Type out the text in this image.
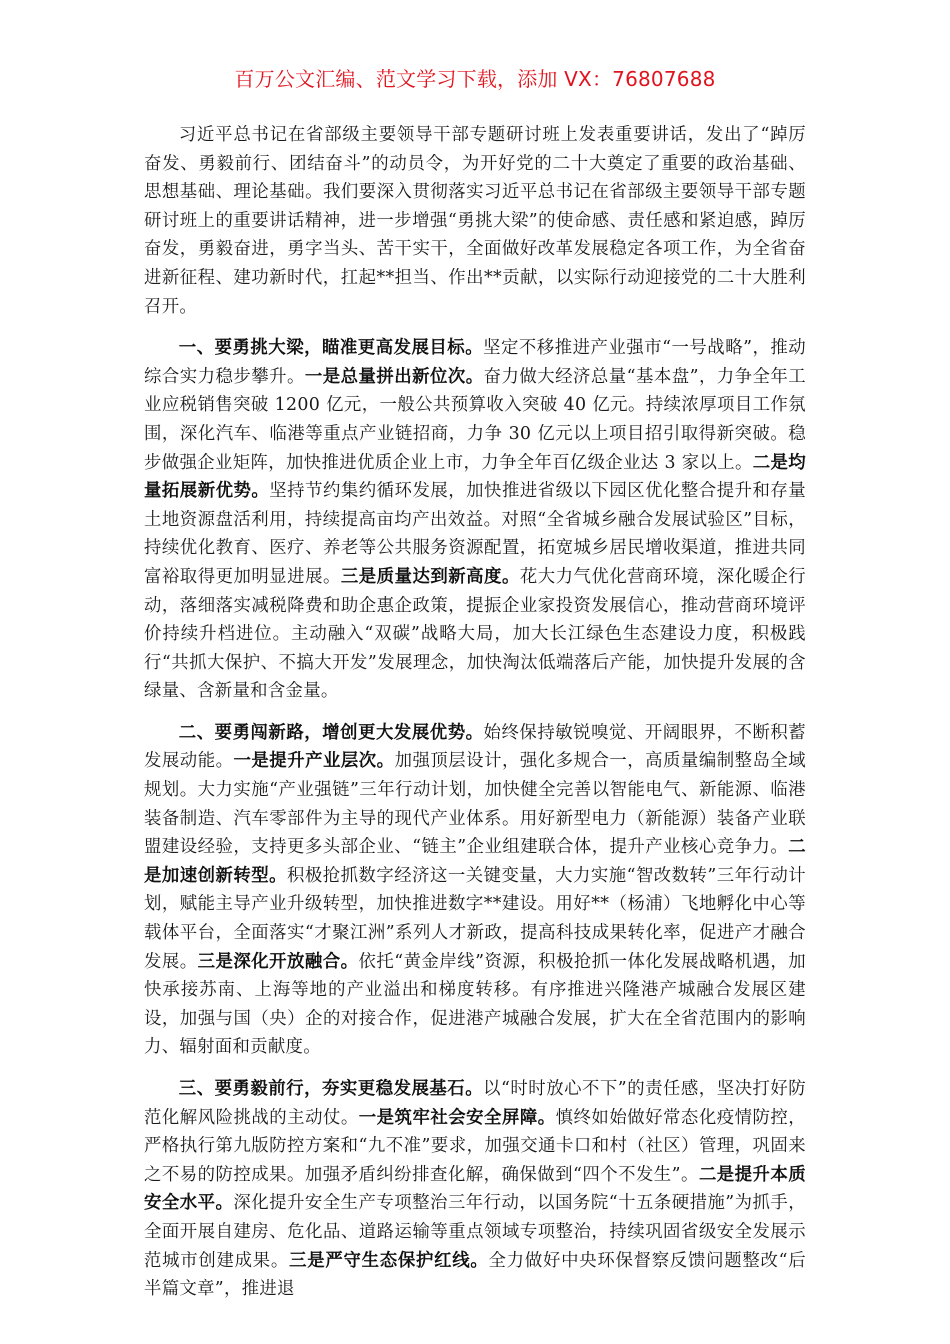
百万公文汇编、范文学习下载，添加 VX：76807688

习近平总书记在省部级主要领导干部专题研讨班上发表重要讲话，发出了“踔厉奋发、勇毅前行、团结奋斗”的动员令，为开好党的二十大奠定了重要的政治基础、思想基础、理论基础。我们要深入贯彻落实习近平总书记在省部级主要领导干部专题研讨班上的重要讲话精神，进一步增强“勇挑大梁”的使命感、责任感和紧迫感，踔厉奋发，勇毅奋进，勇字当头、苦干实干，全面做好改革发展稳定各项工作，为全省奋进新征程、建功新时代，扛起**担当、作出**贡献，以实际行动迎接党的二十大胜利召开。

一、要勇挑大梁，瞄准更高发展目标。坚定不移推进产业强市“一号战略”，推动综合实力稳步攀升。一是总量拼出新位次。奋力做大经济总量“基本盘”，力争全年工业应税销售突破 1200 亿元，一般公共预算收入突破 40 亿元。持续浓厚项目工作氛围，深化汽车、临港等重点产业链招商，力争 30 亿元以上项目招引取得新突破。稳步做强企业矩阵，加快推进优质企业上市，力争全年百亿级企业达 3 家以上。二是均量拓展新优势。坚持节约集约循环发展，加快推进省级以下园区优化整合提升和存量土地资源盘活利用，持续提高亩均产出效益。对照“全省城乡融合发展试验区”目标，持续优化教育、医疗、养老等公共服务资源配置，拓宽城乡居民增收渠道，推进共同富裕取得更加明显进展。三是质量达到新高度。花大力气优化营商环境，深化暖企行动，落细落实减税降费和助企惠企政策，提振企业家投资发展信心，推动营商环境评价持续升档进位。主动融入“双碳”战略大局，加大长江绿色生态建设力度，积极践行“共抓大保护、不搞大开发”发展理念，加快淘汰低端落后产能，加快提升发展的含绿量、含新量和含金量。

二、要勇闯新路，增创更大发展优势。始终保持敏锐嗅觉、开阔眼界，不断积蓄发展动能。一是提升产业层次。加强顶层设计，强化多规合一，高质量编制整岛全域规划。大力实施“产业强链”三年行动计划，加快健全完善以智能电气、新能源、临港装备制造、汽车零部件为主导的现代产业体系。用好新型电力（新能源）装备产业联盟建设经验，支持更多头部企业、“链主”企业组建联合体，提升产业核心竞争力。二是加速创新转型。积极抢抓数字经济这一关键变量，大力实施“智改数转”三年行动计划，赋能主导产业升级转型，加快推进数字**建设。用好**（杨浦）飞地孵化中心等载体平台，全面落实“才聚江洲”系列人才新政，提高科技成果转化率，促进产才融合发展。三是深化开放融合。依托“黄金岸线”资源，积极抢抓一体化发展战略机遇，加快承接苏南、上海等地的产业溢出和梯度转移。有序推进兴隆港产城融合发展区建设，加强与国（央）企的对接合作，促进港产城融合发展，扩大在全省范围内的影响力、辐射面和贡献度。

三、要勇毅前行，夯实更稳发展基石。以“时时放心不下”的责任感，坚决打好防范化解风险挑战的主动仗。一是筑牢社会安全屏障。慎终如始做好常态化疫情防控，严格执行第九版防控方案和“九不准”要求，加强交通卡口和村（社区）管理，巩固来之不易的防控成果。加强矛盾纠纷排查化解，确保做到“四个不发生”。二是提升本质安全水平。深化提升安全生产专项整治三年行动，以国务院“十五条硬措施”为抓手，全面开展自建房、危化品、道路运输等重点领域专项整治，持续巩固省级安全发展示范城市创建成果。三是严守生态保护红线。全力做好中央环保督察反馈问题整改“后半篇文章”，推进退
